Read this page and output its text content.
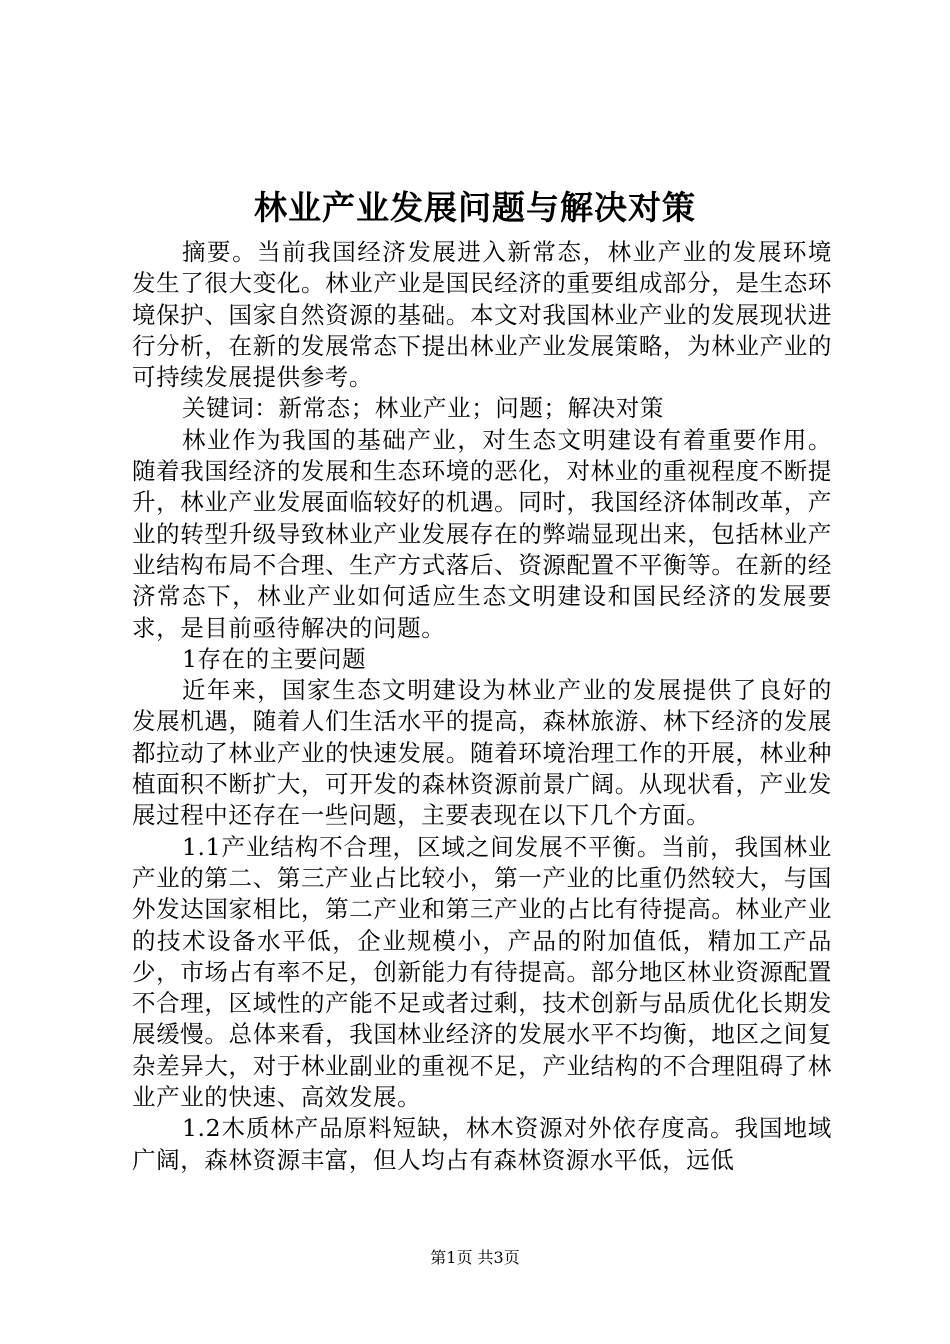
林业产业发展问题与解决对策

摘要。当前我国经济发展进入新常态，林业产业的发展环境发生了很大变化。林业产业是国民经济的重要组成部分，是生态环境保护、国家自然资源的基础。本文对我国林业产业的发展现状进行分析，在新的发展常态下提出林业产业发展策略，为林业产业的可持续发展提供参考。

关键词：新常态；林业产业；问题；解决对策

林业作为我国的基础产业，对生态文明建设有着重要作用。随着我国经济的发展和生态环境的恶化，对林业的重视程度不断提升，林业产业发展面临较好的机遇。同时，我国经济体制改革，产业的转型升级导致林业产业发展存在的弊端显现出来，包括林业产业结构布局不合理、生产方式落后、资源配置不平衡等。在新的经济常态下，林业产业如何适应生态文明建设和国民经济的发展要求，是目前亟待解决的问题。

1存在的主要问题

近年来，国家生态文明建设为林业产业的发展提供了良好的发展机遇，随着人们生活水平的提高，森林旅游、林下经济的发展都拉动了林业产业的快速发展。随着环境治理工作的开展，林业种植面积不断扩大，可开发的森林资源前景广阔。从现状看，产业发展过程中还存在一些问题，主要表现在以下几个方面。

1.1产业结构不合理，区域之间发展不平衡。当前，我国林业产业的第二、第三产业占比较小，第一产业的比重仍然较大，与国外发达国家相比，第二产业和第三产业的占比有待提高。林业产业的技术设备水平低，企业规模小，产品的附加值低，精加工产品少，市场占有率不足，创新能力有待提高。部分地区林业资源配置不合理，区域性的产能不足或者过剩，技术创新与品质优化长期发展缓慢。总体来看，我国林业经济的发展水平不均衡，地区之间复杂差异大，对于林业副业的重视不足，产业结构的不合理阻碍了林业产业的快速、高效发展。

1.2木质林产品原料短缺，林木资源对外依存度高。我国地域广阔，森林资源丰富，但人均占有森林资源水平低，远低

第1页 共3页
